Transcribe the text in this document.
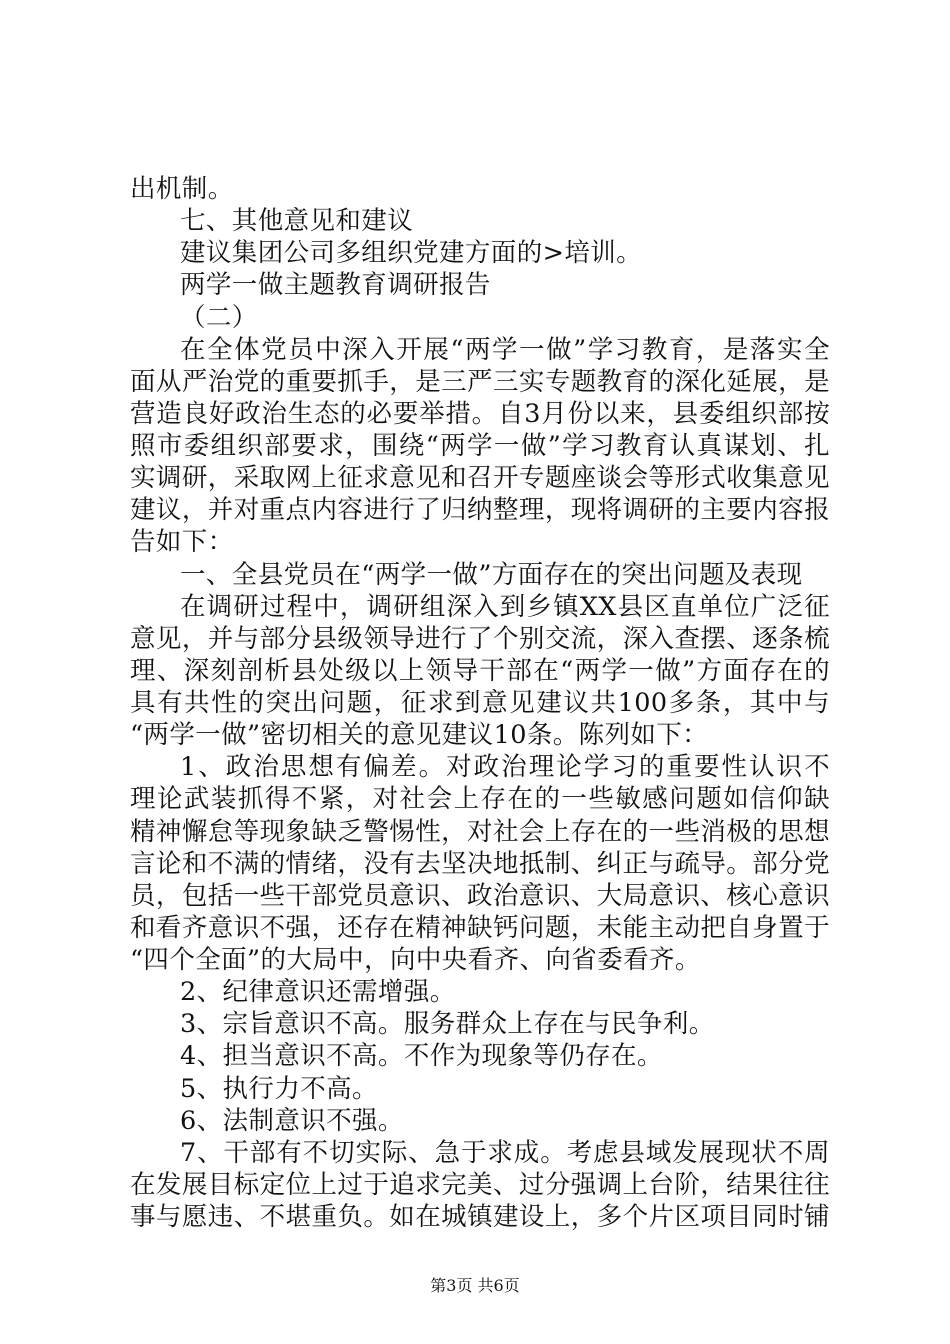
出机制。
七、其他意见和建议
建议集团公司多组织党建方面的>培训。
两学一做主题教育调研报告
（二）
在全体党员中深入开展“两学一做”学习教育，是落实全
面从严治党的重要抓手，是三严三实专题教育的深化延展，是
营造良好政治生态的必要举措。自3月份以来，县委组织部按
照市委组织部要求，围绕“两学一做”学习教育认真谋划、扎
实调研，采取网上征求意见和召开专题座谈会等形式收集意见
建议，并对重点内容进行了归纳整理，现将调研的主要内容报
告如下：
一、全县党员在“两学一做”方面存在的突出问题及表现
在调研过程中，调研组深入到乡镇XX县区直单位广泛征
意见，并与部分县级领导进行了个别交流，深入查摆、逐条梳
理、深刻剖析县处级以上领导干部在“两学一做”方面存在的
具有共性的突出问题，征求到意见建议共100多条，其中与
“两学一做”密切相关的意见建议10条。陈列如下：
1、政治思想有偏差。对政治理论学习的重要性认识不
理论武装抓得不紧，对社会上存在的一些敏感问题如信仰缺
精神懈怠等现象缺乏警惕性，对社会上存在的一些消极的思想
言论和不满的情绪，没有去坚决地抵制、纠正与疏导。部分党
员，包括一些干部党员意识、政治意识、大局意识、核心意识
和看齐意识不强，还存在精神缺钙问题，未能主动把自身置于
“四个全面”的大局中，向中央看齐、向省委看齐。
2、纪律意识还需增强。
3、宗旨意识不高。服务群众上存在与民争利。
4、担当意识不高。不作为现象等仍存在。
5、执行力不高。
6、法制意识不强。
7、干部有不切实际、急于求成。考虑县域发展现状不周
在发展目标定位上过于追求完美、过分强调上台阶，结果往往
事与愿违、不堪重负。如在城镇建设上，多个片区项目同时铺
第3页 共6页
